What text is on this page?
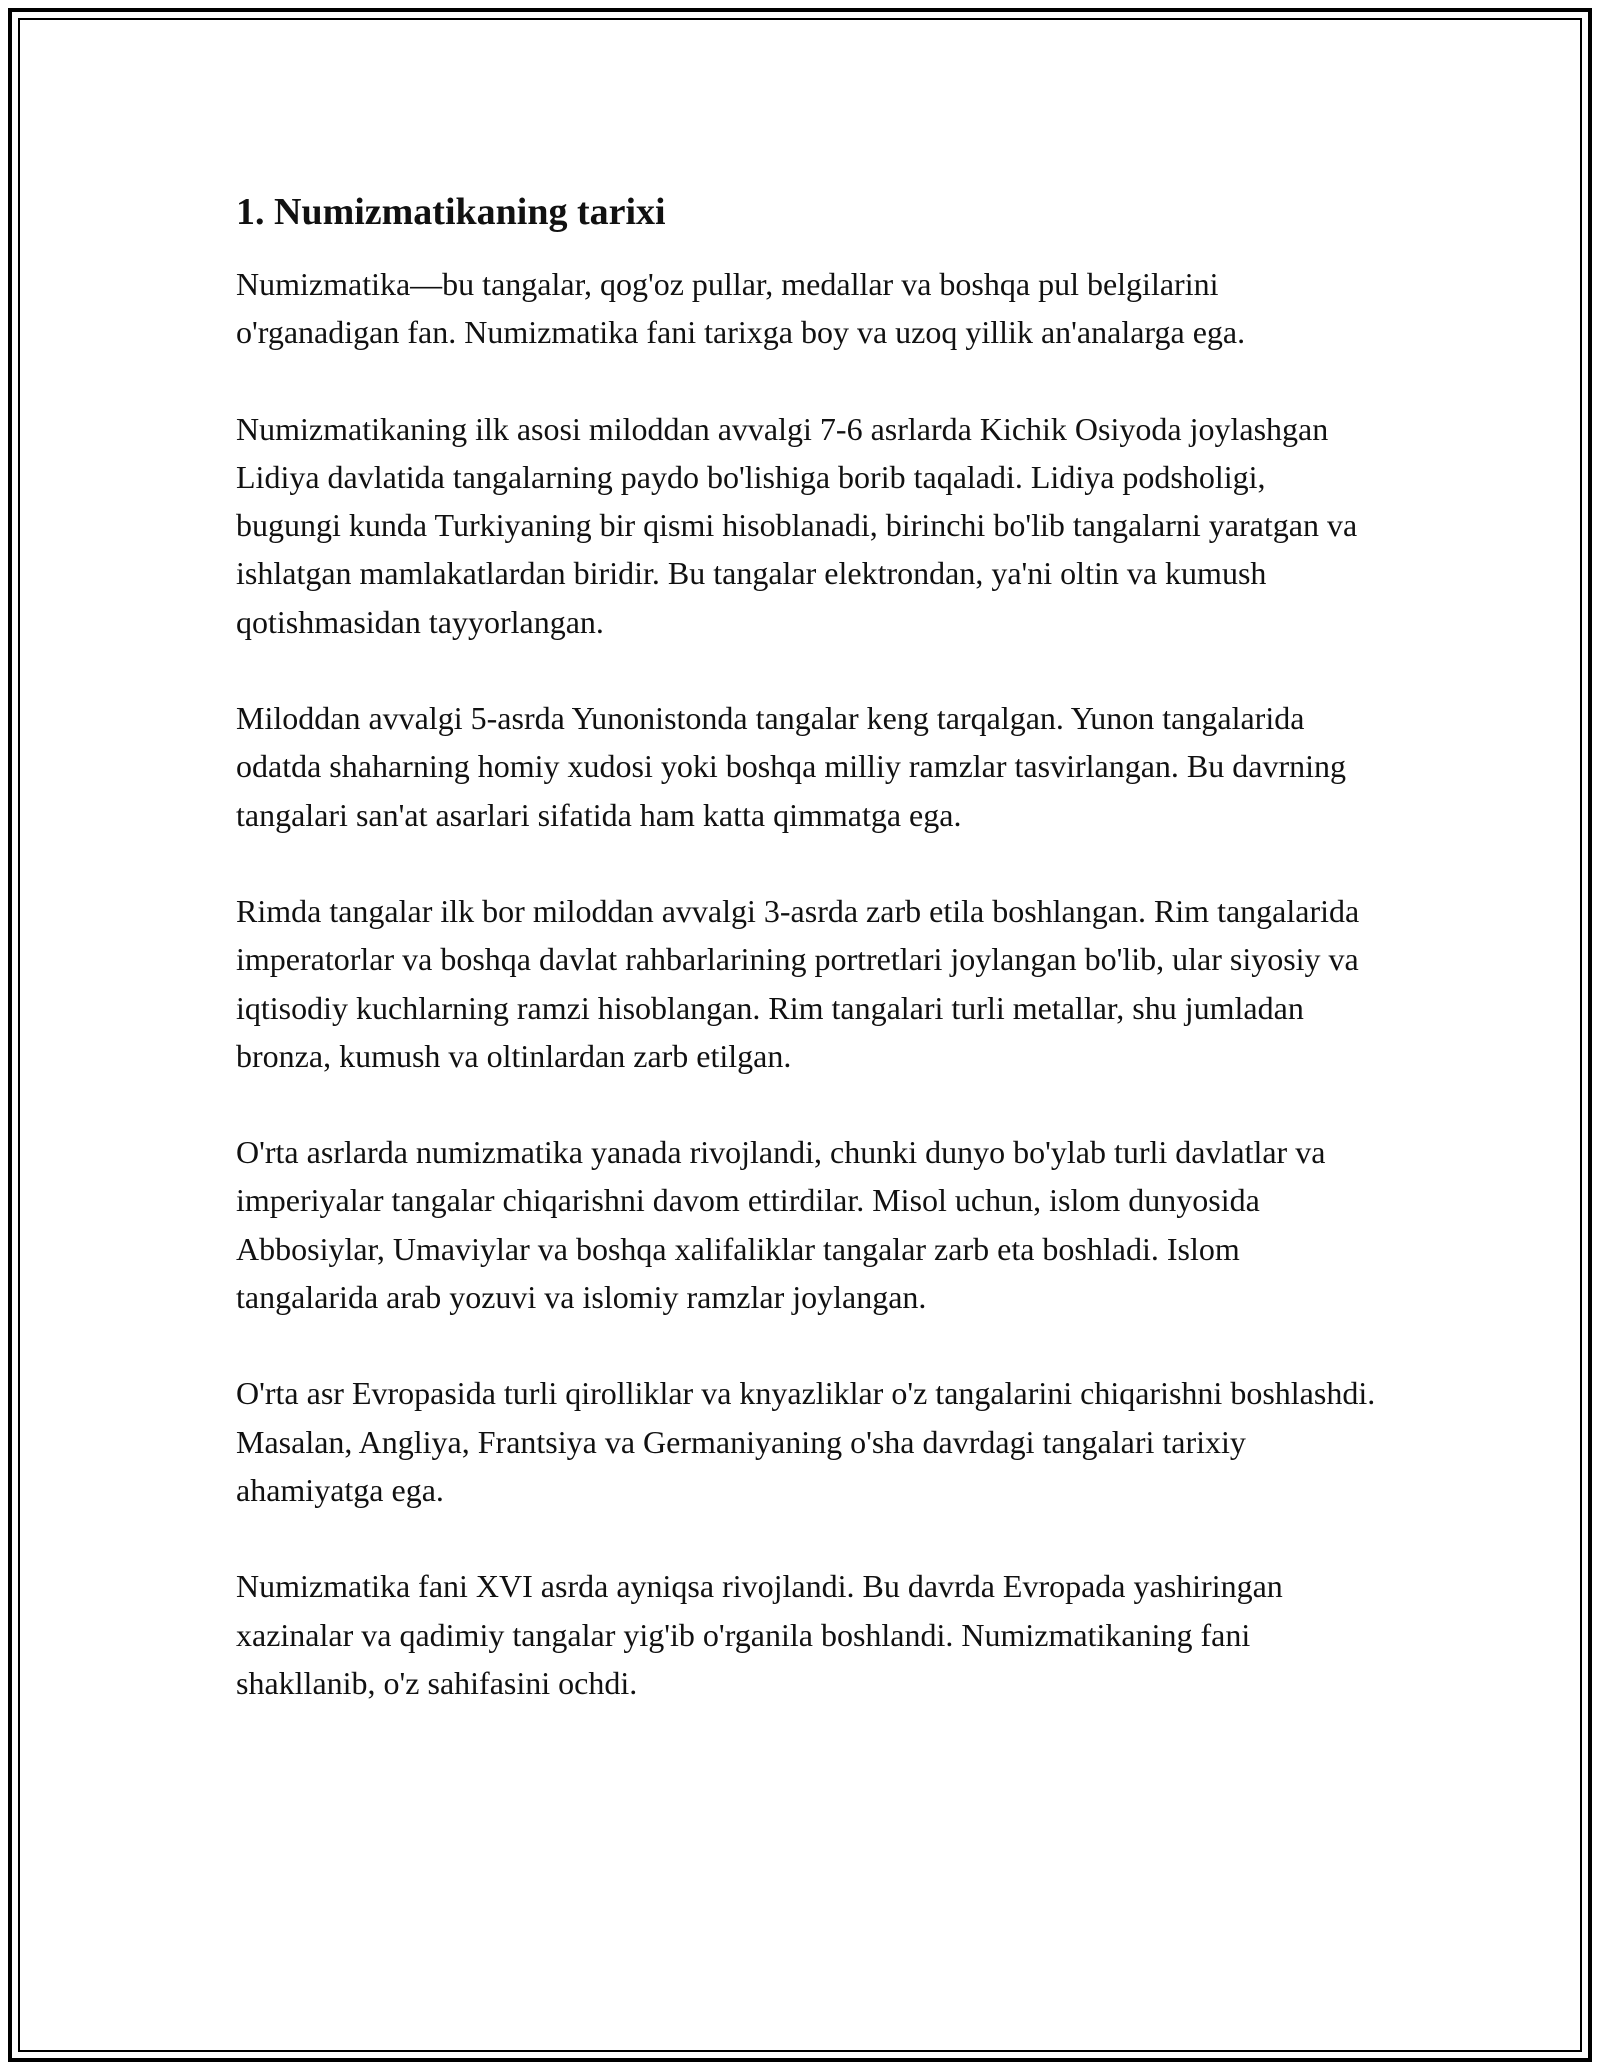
1. Numizmatikaning tarixi

Numizmatika—bu tangalar, qog'oz pullar, medallar va boshqa pul belgilarini o'rganadigan fan. Numizmatika fani tarixga boy va uzoq yillik an'analarga ega.

Numizmatikaning ilk asosi miloddan avvalgi 7-6 asrlarda Kichik Osiyoda joylashgan Lidiya davlatida tangalarning paydo bo'lishiga borib taqaladi. Lidiya podsholigi, bugungi kunda Turkiyaning bir qismi hisoblanadi, birinchi bo'lib tangalarni yaratgan va ishlatgan mamlakatlardan biridir. Bu tangalar elektrondan, ya'ni oltin va kumush qotishmasidan tayyorlangan.

Miloddan avvalgi 5-asrda Yunonistonda tangalar keng tarqalgan. Yunon tangalarida odatda shaharning homiy xudosi yoki boshqa milliy ramzlar tasvirlangan. Bu davrning tangalari san'at asarlari sifatida ham katta qimmatga ega.

Rimda tangalar ilk bor miloddan avvalgi 3-asrda zarb etila boshlangan. Rim tangalarida imperatorlar va boshqa davlat rahbarlarining portretlari joylangan bo'lib, ular siyosiy va iqtisodiy kuchlarning ramzi hisoblangan. Rim tangalari turli metallar, shu jumladan bronza, kumush va oltinlardan zarb etilgan.

O'rta asrlarda numizmatika yanada rivojlandi, chunki dunyo bo'ylab turli davlatlar va imperiyalar tangalar chiqarishni davom ettirdilar. Misol uchun, islom dunyosida Abbosiylar, Umaviylar va boshqa xalifaliklar tangalar zarb eta boshladi. Islom tangalarida arab yozuvi va islomiy ramzlar joylangan.

O'rta asr Evropasida turli qirolliklar va knyazliklar o'z tangalarini chiqarishni boshlashdi. Masalan, Angliya, Frantsiya va Germaniyaning o'sha davrdagi tangalari tarixiy ahamiyatga ega.

Numizmatika fani XVI asrda ayniqsa rivojlandi. Bu davrda Evropada yashiringan xazinalar va qadimiy tangalar yig'ib o'rganila boshlandi. Numizmatikaning fani shakllanib, o'z sahifasini ochdi.
